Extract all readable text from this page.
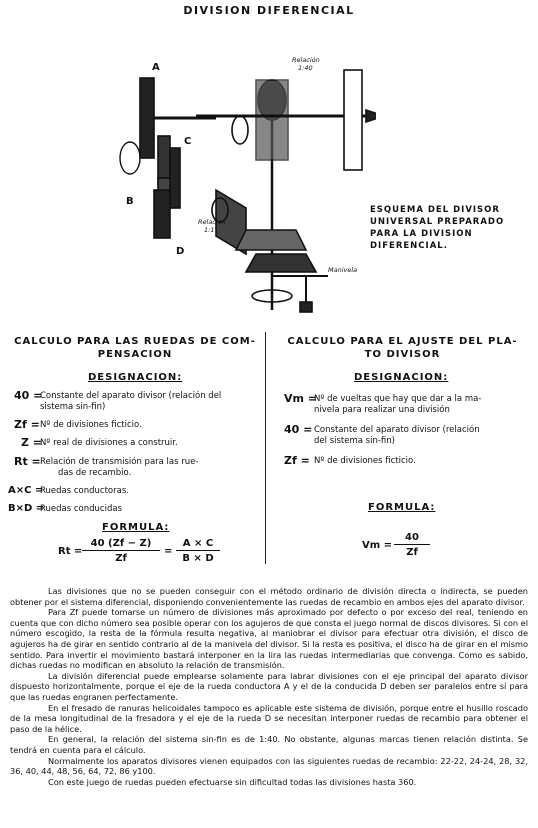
DIVISION DIFERENCIAL
A
C
B
D
Relación
1:40
Relación
1:1
Manivela
ESQUEMA DEL DIVISOR UNIVERSAL PREPARADO PARA LA DIVISION DIFERENCIAL.
CALCULO PARA LAS RUEDAS DE COM-
PENSACION
DESIGNACION:
40 =
Constante del aparato divisor (relación del
sistema sin-fin)
Zf = Nº de divisiones ficticio.
Z =
Nº real de divisiones a construir.
Rt = Relación de transmisión para las rue-
das de recambio.
A×C =
Ruedas conductoras.
B×D =
Ruedas conducidas
FORMULA:
$Rt = \frac{40 (Zf - Z)}{Zf} = \frac{A \times C}{B \times D}$
CALCULO PARA EL AJUSTE DEL PLA-
TO DIVISOR
DESIGNACION:
Vm =
Nº de vueltas que hay que dar a la ma-
nivela para realizar una división
40 = Constante del aparato divisor (relación
del sistema sin-fin)
Zf = Nº de divisiones ficticio.
FORMULA:
$Vm = \frac{40}{Zf}$

Las divisiones que no se pueden conseguir con el método ordinario de división directa o indirecta, se pueden obtener por el sistema diferencial, disponiendo convenientemente las ruedas de recambio en ambos ejes del aparato divisor.

Para Zf puede tomarse un número de divisiones más aproximado por defecto o por exceso del real, teniendo en cuenta que con dicho número sea posible operar con los agujeros de que consta el juego normal de discos divisores. Si con el número escogido, la resta de la fórmula resulta negativa, al maniobrar el divisor para efectuar otra división, el disco de agujeros ha de girar en sentido contrario al de la manivela del divisor. Si la resta es positiva, el disco ha de girar en el mismo sentido. Para invertir el movimiento bastará interponer en la lira las ruedas intermediarias que convenga. Como es sabido, dichas ruedas no modifican en absoluto la relación de transmisión.

La división diferencial puede emplearse solamente para labrar divisiones con el eje principal del aparato divisor dispuesto horizontalmente, porque el eje de la rueda conductora A y el de la conducida D deben ser paralelos entre sí para que las ruedas engranen perfectamente.

En el fresado de ranuras helicoidales tampoco es aplicable este sistema de división, porque entre el husillo roscado de la mesa longitudinal de la fresadora y el eje de la rueda D se necesitan interponer ruedas de recambio para obtener el paso de la hélice.

En general, la relación del sistema sin-fin es de 1:40. No obstante, algunas marcas tienen relación distinta. Se tendrá en cuenta para el cálculo.

Normalmente los aparatos divisores vienen equipados con las siguientes ruedas de recambio: 22-22, 24-24, 28, 32, 36, 40, 44, 48, 56, 64, 72, 86 y100.

Con este juego de ruedas pueden efectuarse sin dificultad todas las divisiones hasta 360.
